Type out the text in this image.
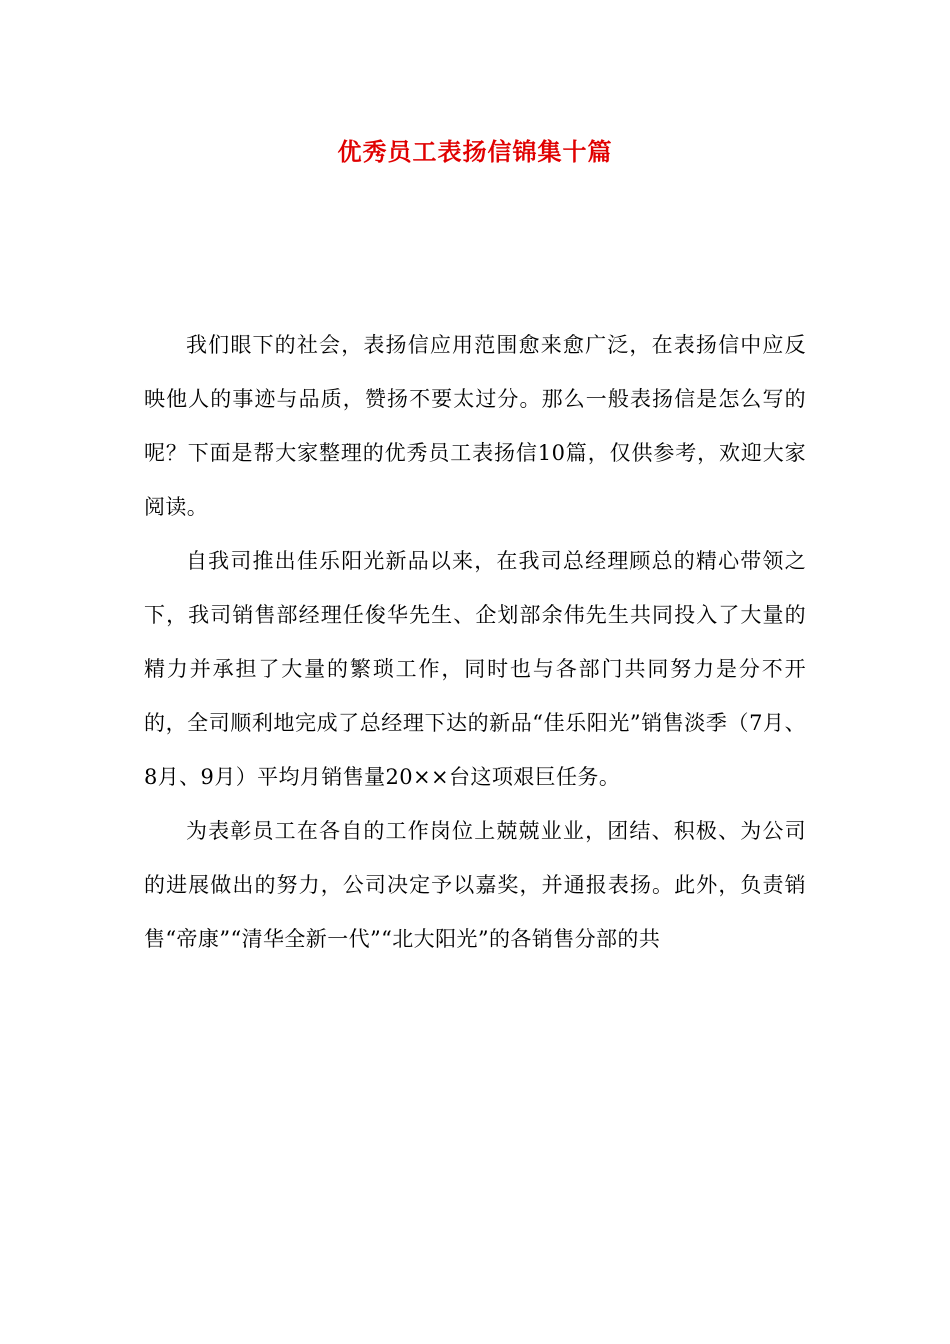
优秀员工表扬信锦集十篇

我们眼下的社会，表扬信应用范围愈来愈广泛，在表扬信中应反映他人的事迹与品质，赞扬不要太过分。那么一般表扬信是怎么写的呢？下面是帮大家整理的优秀员工表扬信10篇，仅供参考，欢迎大家阅读。

自我司推出佳乐阳光新品以来，在我司总经理顾总的精心带领之下，我司销售部经理任俊华先生、企划部余伟先生共同投入了大量的精力并承担了大量的繁琐工作，同时也与各部门共同努力是分不开的，全司顺利地完成了总经理下达的新品“佳乐阳光”销售淡季（7月、8月、9月）平均月销售量20××台这项艰巨任务。

为表彰员工在各自的工作岗位上兢兢业业，团结、积极、为公司的进展做出的努力，公司决定予以嘉奖，并通报表扬。此外，负责销售“帝康”“清华全新一代”“北大阳光”的各销售分部的共
